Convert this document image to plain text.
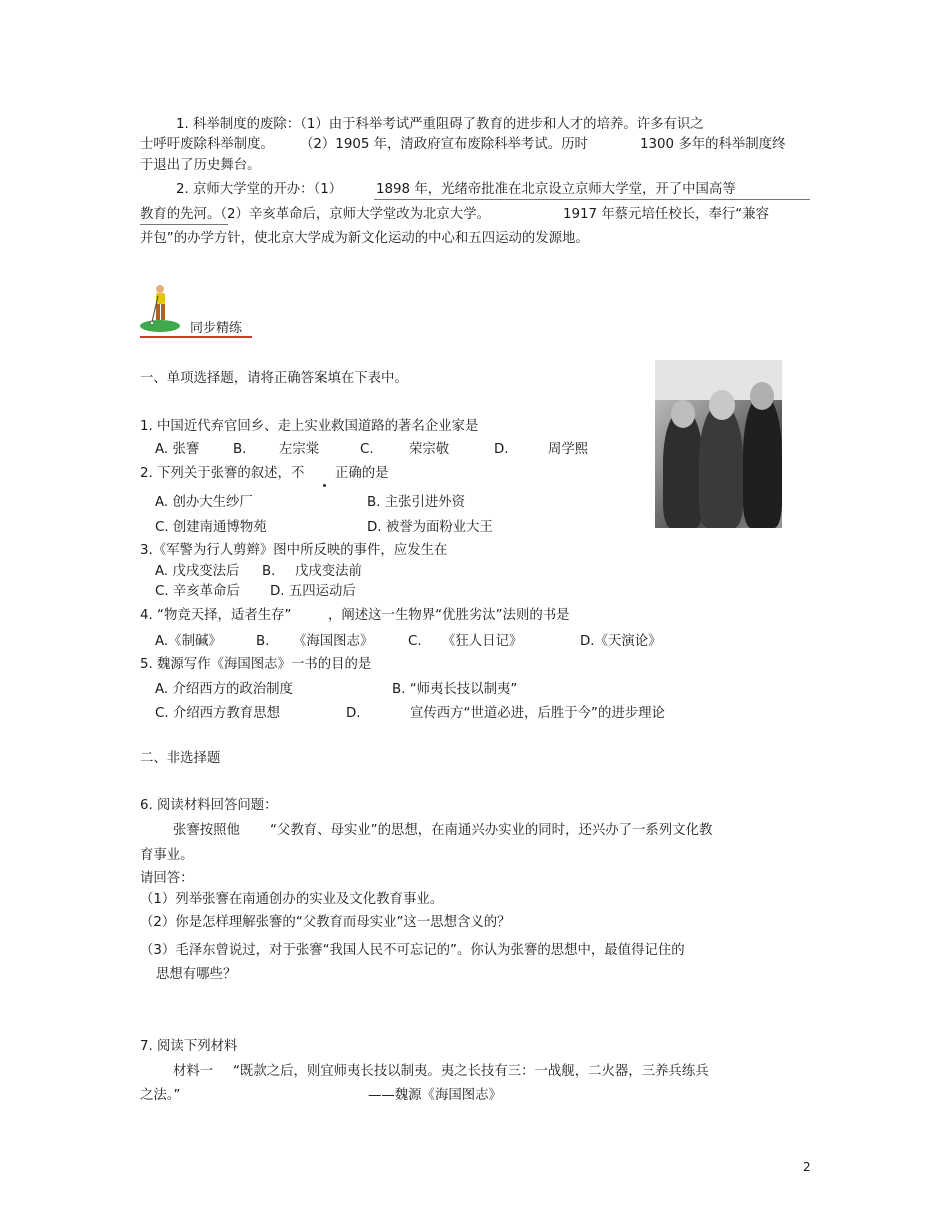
1. 科举制度的废除：（1）由于科举考试严重阻碍了教育的进步和人才的培养。许多有识之
士呼吁废除科举制度。 （2）1905 年，清政府宣布废除科举考试。历时	1300 多年的科举制度终
于退出了历史舞台。
2. 京师大学堂的开办：（1）	1898 年，光绪帝批准在北京设立京师大学堂，开了中国高等
教育的先河。（2）辛亥革命后，京师大学堂改为北京大学。	1917 年蔡元培任校长，奉行“兼容
并包”的办学方针，使北京大学成为新文化运动的中心和五四运动的发源地。
同步精练
一、单项选择题，请将正确答案填在下表中。
1. 中国近代弃官回乡、走上实业救国道路的著名企业家是
A. 张謇	B. 左宗棠	C.	荣宗敬	D.	周学熙
2. 下列关于张謇的叙述，不 正确的是
A. 创办大生纱厂	B. 主张引进外资
C. 创建南通博物苑	D. 被誉为面粉业大王
3.《军警为行人剪辫》图中所反映的事件，应发生在
A. 戊戌变法后 B. 戊戌变法前
C. 辛亥革命后 D. 五四运动后
4. “物竞天择，适者生存”	，阐述这一生物界“优胜劣汰”法则的书是
A.《制碱》	B. 《海国图志》	C. 《狂人日记》	D.《天演论》
5. 魏源写作《海国图志》一书的目的是
A. 介绍西方的政治制度	B. “师夷长技以制夷”
C. 介绍西方教育思想	D.	宣传西方“世道必进，后胜于今”的进步理论
二、非选择题
6. 阅读材料回答问题：
张謇按照他 “父教育、母实业”的思想，在南通兴办实业的同时，还兴办了一系列文化教
育事业。
请回答：
（1）列举张謇在南通创办的实业及文化教育事业。
（2）你是怎样理解张謇的“父教育而母实业”这一思想含义的？
（3）毛泽东曾说过，对于张謇“我国人民不可忘记的”。你认为张謇的思想中，最值得记住的
思想有哪些？
7. 阅读下列材料
材料一 “既款之后，则宜师夷长技以制夷。夷之长技有三：一战舰，二火器，三养兵练兵
之法。”	——魏源《海国图志》
2
